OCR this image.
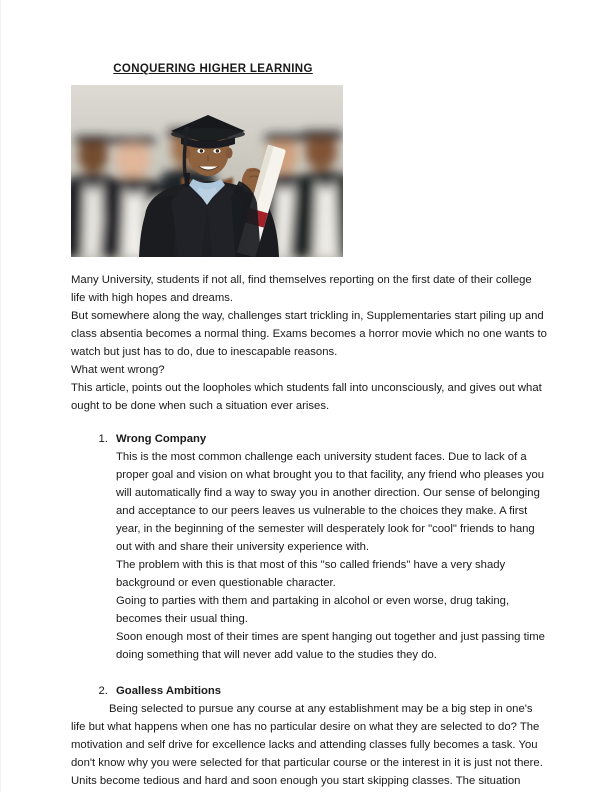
CONQUERING HIGHER LEARNING

Many University, students if not all, find themselves reporting on the first date of their college life with high hopes and dreams.

But somewhere along the way, challenges start trickling in, Supplementaries start piling up and class absentia becomes a normal thing. Exams becomes a horror movie which no one wants to watch but just has to do, due to inescapable reasons.

What went wrong?

This article, points out the loopholes which students fall into unconsciously, and gives out what ought to be done when such a situation ever arises.

1. Wrong Company

This is the most common challenge each university student faces. Due to lack of a proper goal and vision on what brought you to that facility, any friend who pleases you will automatically find a way to sway you in another direction. Our sense of belonging and acceptance to our peers leaves us vulnerable to the choices they make. A first year, in the beginning of the semester will desperately look for "cool" friends to hang out with and share their university experience with.

The problem with this is that most of this "so called friends" have a very shady background or even questionable character.

Going to parties with them and partaking in alcohol or even worse, drug taking, becomes their usual thing.

Soon enough most of their times are spent hanging out together and just passing time doing something that will never add value to the studies they do.

2. Goalless Ambitions

Being selected to pursue any course at any establishment may be a big step in one's life but what happens when one has no particular desire on what they are selected to do? The motivation and self drive for excellence lacks and attending classes fully becomes a task. You don't know why you were selected for that particular course or the interest in it is just not there. Units become tedious and hard and soon enough you start skipping classes. The situation
